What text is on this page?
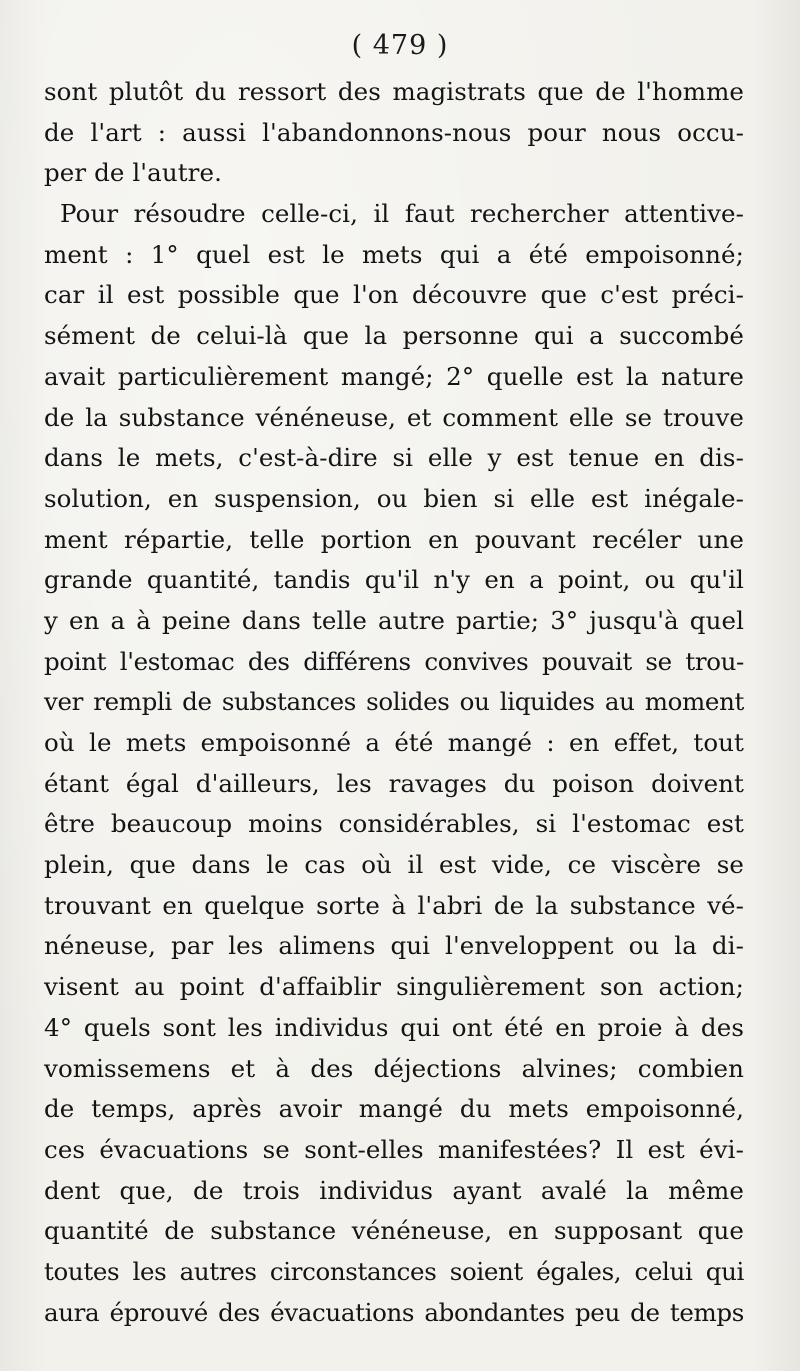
( 479 )
sont plutôt du ressort des magistrats que de l'homme
de l'art : aussi l'abandonnons-nous pour nous occu-
per de l'autre.
Pour résoudre celle-ci, il faut rechercher attentive-
ment : 1° quel est le mets qui a été empoisonné;
car il est possible que l'on découvre que c'est préci-
sément de celui-là que la personne qui a succombé
avait particulièrement mangé; 2° quelle est la nature
de la substance vénéneuse, et comment elle se trouve
dans le mets, c'est-à-dire si elle y est tenue en dis-
solution, en suspension, ou bien si elle est inégale-
ment répartie, telle portion en pouvant recéler une
grande quantité, tandis qu'il n'y en a point, ou qu'il
y en a à peine dans telle autre partie; 3° jusqu'à quel
point l'estomac des différens convives pouvait se trou-
ver rempli de substances solides ou liquides au moment
où le mets empoisonné a été mangé : en effet, tout
étant égal d'ailleurs, les ravages du poison doivent
être beaucoup moins considérables, si l'estomac est
plein, que dans le cas où il est vide, ce viscère se
trouvant en quelque sorte à l'abri de la substance vé-
néneuse, par les alimens qui l'enveloppent ou la di-
visent au point d'affaiblir singulièrement son action;
4° quels sont les individus qui ont été en proie à des
vomissemens et à des déjections alvines; combien
de temps, après avoir mangé du mets empoisonné,
ces évacuations se sont-elles manifestées? Il est évi-
dent que, de trois individus ayant avalé la même
quantité de substance vénéneuse, en supposant que
toutes les autres circonstances soient égales, celui qui
aura éprouvé des évacuations abondantes peu de temps
